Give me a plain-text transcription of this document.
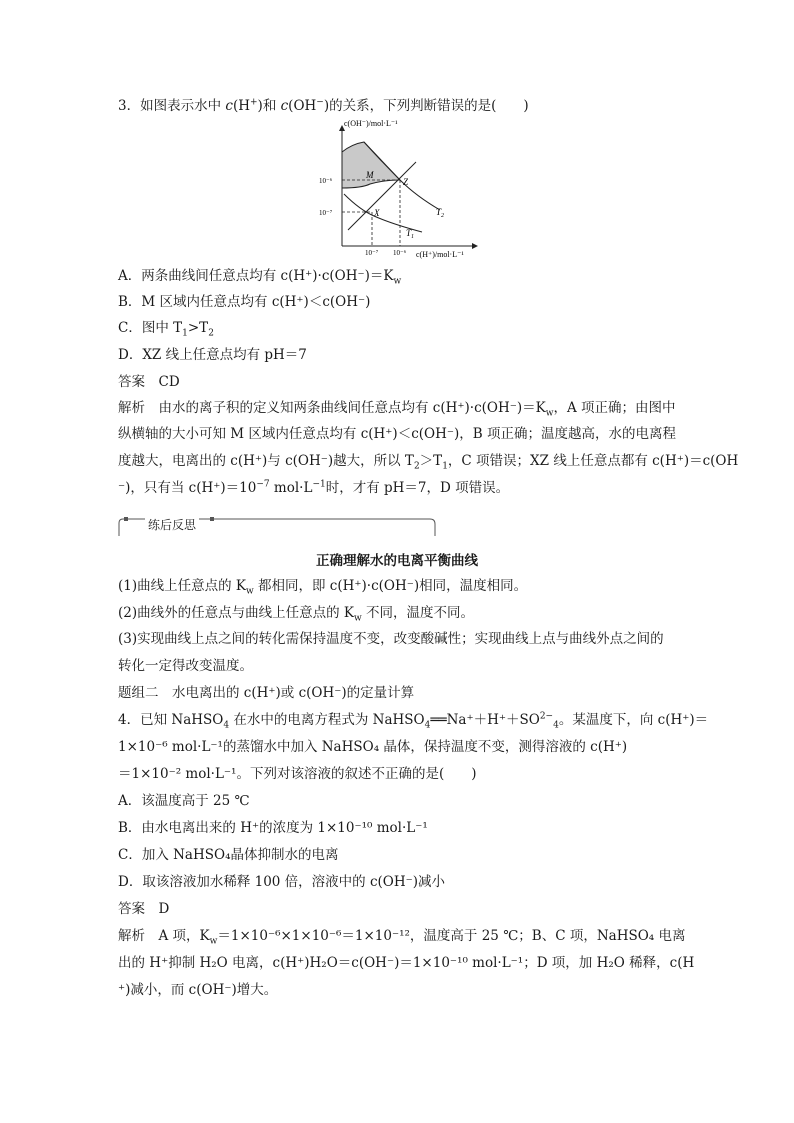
3．如图表示水中 c(H+)和 c(OH−)的关系，下列判断错误的是(　　)
c(OH⁻)/mol·L⁻¹
c(H⁺)/mol·L⁻¹
10⁻⁶
10⁻⁷
10⁻⁷ 10⁻⁶
M
Z
X
$T_1$
$T_2$
A．两条曲线间任意点均有 $c(H^+)\cdot c(OH^-)=K_w$
B．M 区域内任意点均有 c(H⁺)＜c(OH⁻)
C．图中 $T_1>T_2$
D．XZ 线上任意点均有 pH＝7
答案　CD
解析　由水的离子积的定义知两条曲线间任意点均有 $c(H^+)\cdot c(OH^-)=K_w$，A 项正确；由图中
纵横轴的大小可知 M 区域内任意点均有 c(H⁺)＜c(OH⁻)，B 项正确；温度越高，水的电离程
度越大，电离出的 c(H⁺)与 c(OH⁻)越大，所以 $T_2>T_1$，C 项错误；XZ 线上任意点都有 c(H⁺)＝c(OH
⁻)，只有当 $c(H^+)=10^{-7}$ $mol\cdot L^{-1}$时，才有 pH＝7，D 项错误。
练后反思
正确理解水的电离平衡曲线
(1)曲线上任意点的 $K_w$ 都相同，即 c(H⁺)·c(OH⁻)相同，温度相同。
(2)曲线外的任意点与曲线上任意点的 $K_w$ 不同，温度不同。
(3)实现曲线上点之间的转化需保持温度不变，改变酸碱性；实现曲线上点与曲线外点之间的
转化一定得改变温度。
题组二　水电离出的 c(H⁺)或 c(OH⁻)的定量计算
4．已知 NaHSO$_4$ 在水中的电离方程式为 $NaHSO_4══Na^++H^++SO^{2-}_4$。某温度下，向 c(H⁺)＝
1×10⁻⁶ mol·L⁻¹的蒸馏水中加入 NaHSO₄ 晶体，保持温度不变，测得溶液的 c(H⁺)
＝1×10⁻² mol·L⁻¹。下列对该溶液的叙述不正确的是(　　)
A．该温度高于 25 ℃
B．由水电离出来的 H⁺的浓度为 1×10⁻¹⁰ mol·L⁻¹
C．加入 NaHSO₄晶体抑制水的电离
D．取该溶液加水稀释 100 倍，溶液中的 c(OH⁻)减小
答案　D
解析　A 项，$K_w=1\times 10^{-6}\times 1\times 10^{-6}=1\times 10^{-12}$，温度高于 25 ℃；B、C 项，NaHSO₄ 电离
出的 H⁺抑制 H₂O 电离，c(H⁺)H₂O＝c(OH⁻)＝1×10⁻¹⁰ mol·L⁻¹；D 项，加 H₂O 稀释，c(H
⁺)减小，而 c(OH⁻)增大。
